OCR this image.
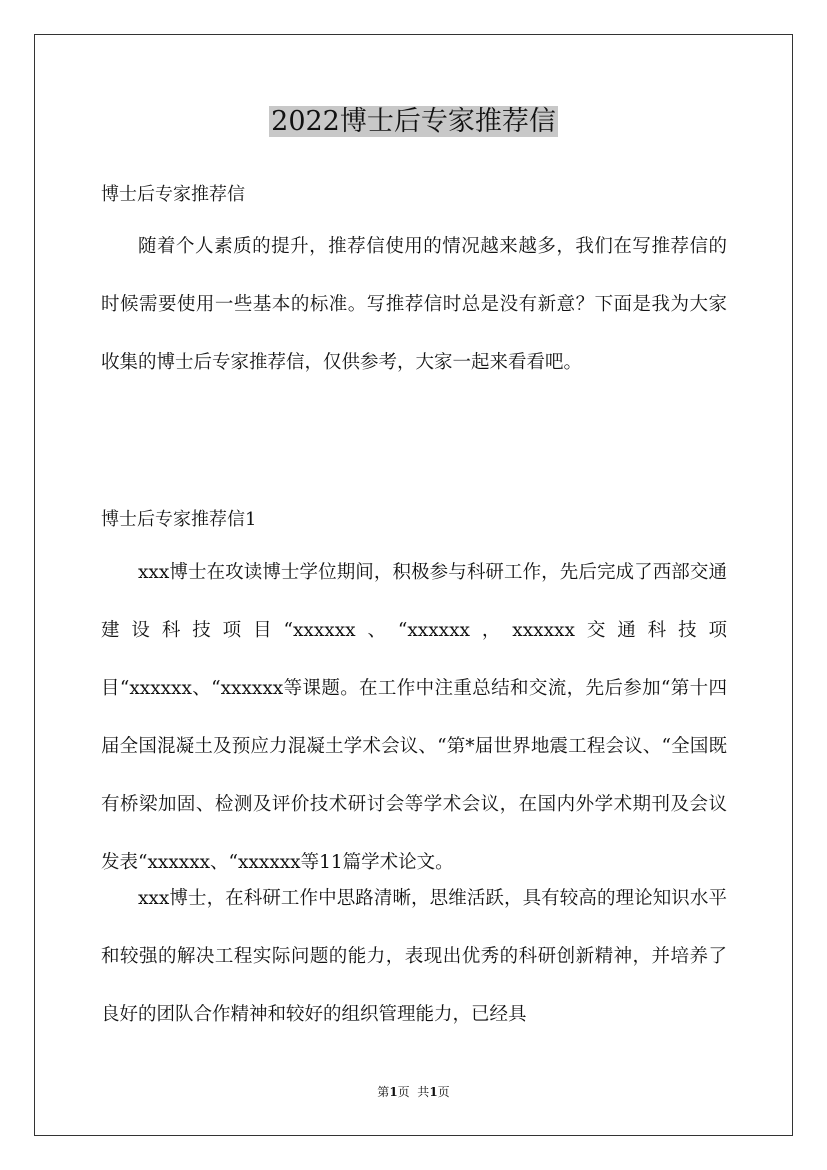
2022博士后专家推荐信
博士后专家推荐信

随着个人素质的提升，推荐信使用的情况越来越多，我们在写推荐信的时候需要使用一些基本的标准。写推荐信时总是没有新意？下面是我为大家收集的博士后专家推荐信，仅供参考，大家一起来看看吧。

博士后专家推荐信1

xxx博士在攻读博士学位期间，积极参与科研工作，先后完成了西部交通建设科技项目“xxxxxx、“xxxxxx，xxxxxx交通科技项目“xxxxxx、“xxxxxx等课题。在工作中注重总结和交流，先后参加“第十四届全国混凝土及预应力混凝土学术会议、“第*届世界地震工程会议、“全国既有桥梁加固、检测及评价技术研讨会等学术会议，在国内外学术期刊及会议发表“xxxxxx、“xxxxxx等11篇学术论文。

xxx博士，在科研工作中思路清晰，思维活跃，具有较高的理论知识水平和较强的解决工程实际问题的能力，表现出优秀的科研创新精神，并培养了良好的团队合作精神和较好的组织管理能力，已经具

第1页  共1页
